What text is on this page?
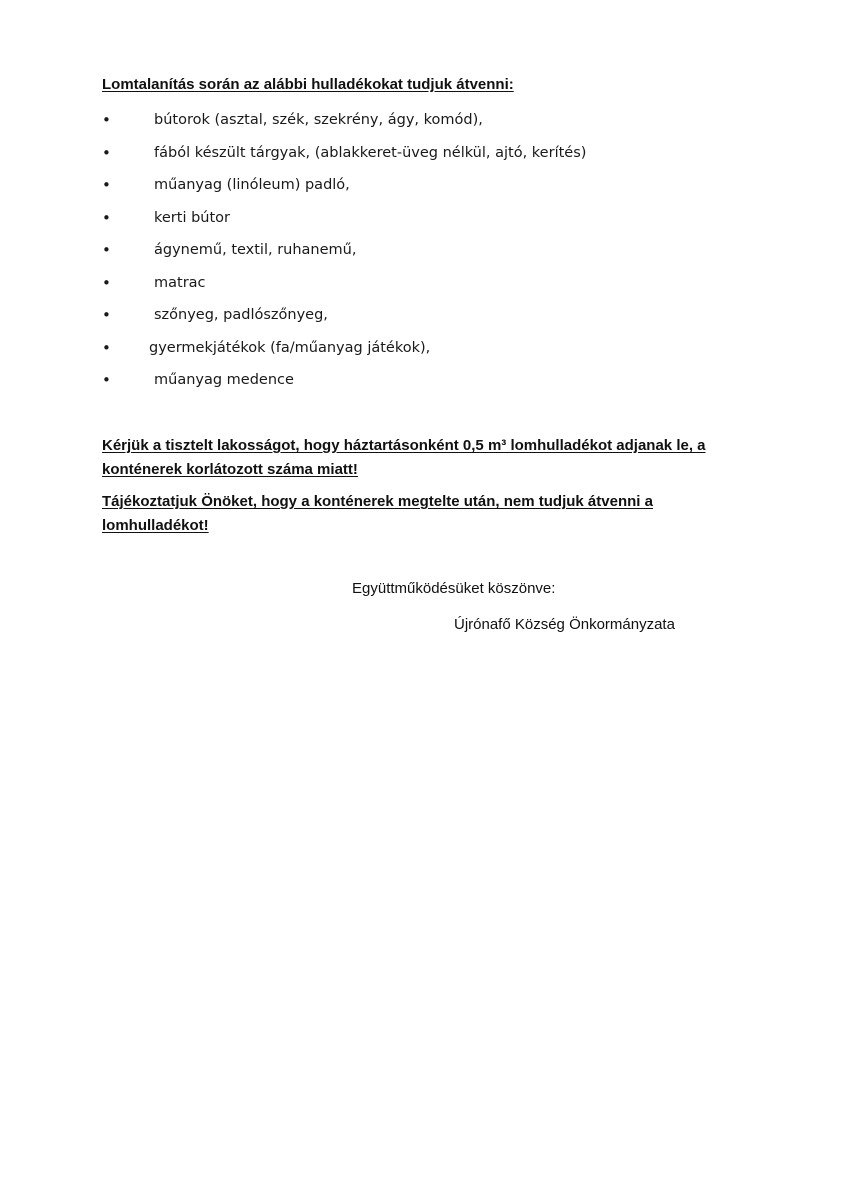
Lomtalanítás során az alábbi hulladékokat tudjuk átvenni:

•	bútorok (asztal, szék, szekrény, ágy, komód),
•	fából készült tárgyak, (ablakkeret-üveg nélkül, ajtó, kerítés)
•	műanyag (linóleum) padló,
•	kerti bútor
•	ágynemű, textil, ruhanemű,
•	matrac
•	szőnyeg, padlószőnyeg,
•	gyermekjátékok (fa/műanyag játékok),
•	műanyag medence

Kérjük a tisztelt lakosságot, hogy háztartásonként 0,5 m³ lomhulladékot adjanak le, a konténerek korlátozott száma miatt!

Tájékoztatjuk Önöket, hogy a konténerek megtelte után, nem tudjuk átvenni a lomhulladékot!

Együttműködésüket köszönve:

Újrónafő Község Önkormányzata
